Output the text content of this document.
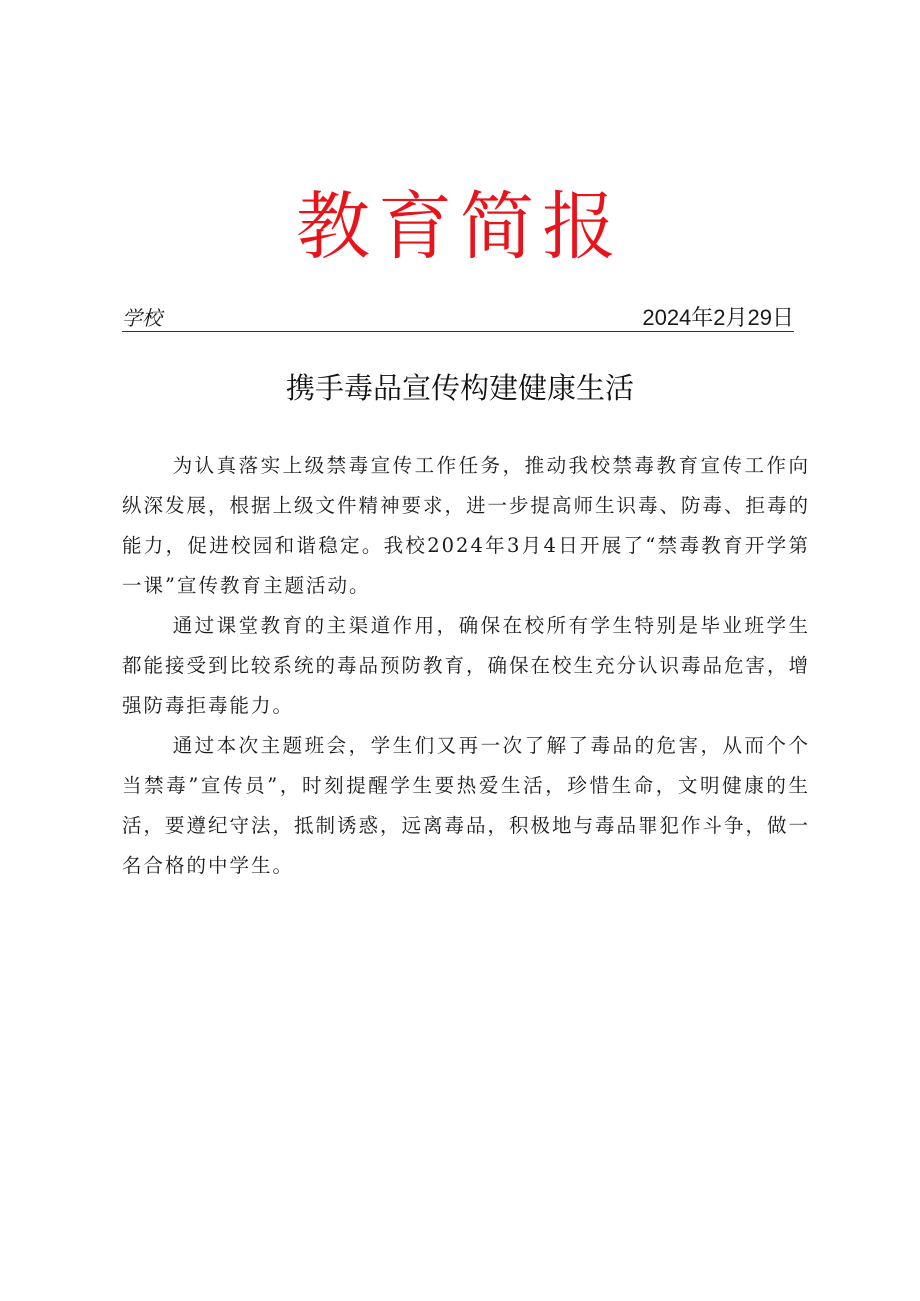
教育简报
学校	2024年2月29日
携手毒品宣传构建健康生活

为认真落实上级禁毒宣传工作任务，推动我校禁毒教育宣传工作向纵深发展，根据上级文件精神要求，进一步提高师生识毒、防毒、拒毒的能力，促进校园和谐稳定。我校2024年3月4日开展了“禁毒教育开学第一课”宣传教育主题活动。

通过课堂教育的主渠道作用，确保在校所有学生特别是毕业班学生都能接受到比较系统的毒品预防教育，确保在校生充分认识毒品危害，增强防毒拒毒能力。

通过本次主题班会，学生们又再一次了解了毒品的危害，从而个个当禁毒”宣传员”，时刻提醒学生要热爱生活，珍惜生命，文明健康的生活，要遵纪守法，抵制诱惑，远离毒品，积极地与毒品罪犯作斗争，做一名合格的中学生。
